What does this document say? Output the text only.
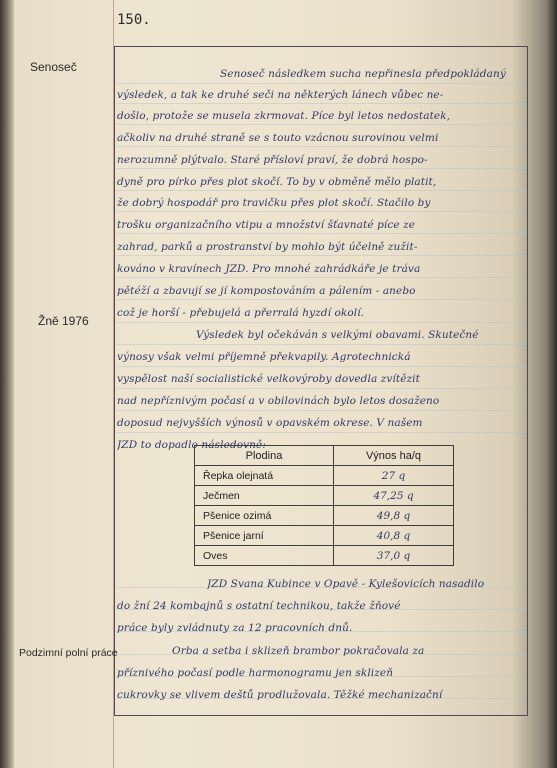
150.
Senoseč
Žně 1976
Podzimní polní práce
Senoseč následkem sucha nepřinesla předpokládaný
výsledek, a tak ke druhé seči na některých lánech vůbec ne-
došlo, protože se musela zkrmovat. Píce byl letos nedostatek,
ačkoliv na druhé straně se s touto vzácnou surovinou velmi
nerozumně plýtvalo. Staré přísloví praví, že dobrá hospo-
dyně pro pírko přes plot skočí. To by v obměně mělo platit,
že dobrý hospodář pro travičku přes plot skočí. Stačilo by
trošku organizačního vtipu a množství šťavnaté píce ze
zahrad, parků a prostranství by mohlo být účelně zužit-
kováno v kravínech JZD. Pro mnohé zahrádkáře je tráva
pětéží a zbavují se jí kompostováním a pálením - anebo
což je horší - přebujelá a přerralá hyzdí okolí.
Výsledek byl očekáván s velkými obavami. Skutečné
výnosy však velmi příjemně překvapily. Agrotechnická
vyspělost naší socialistické velkovýroby dovedla zvítězit
nad nepříznivým počasí a v obilovinách bylo letos dosaženo
doposud nejvyšších výnosů v opavském okrese. V našem
JZD to dopadlo následovně:
Plodina	Výnos ha/q
Řepka olejnatá	27 q
Ječmen	47,25 q
Pšenice ozimá	49,8 q
Pšenice jarní	40,8 q
Oves	37,0 q
JZD Svana Kubince v Opavě - Kylešovicích nasadilo
do žní 24 kombajnů s ostatní technikou, takže žňové
práce byly zvládnuty za 12 pracovních dnů.
Orba a setba i sklizeň brambor pokračovala za
příznivého počasí podle harmonogramu jen sklizeň
cukrovky se vlivem deštů prodlužovala. Těžké mechanizační
